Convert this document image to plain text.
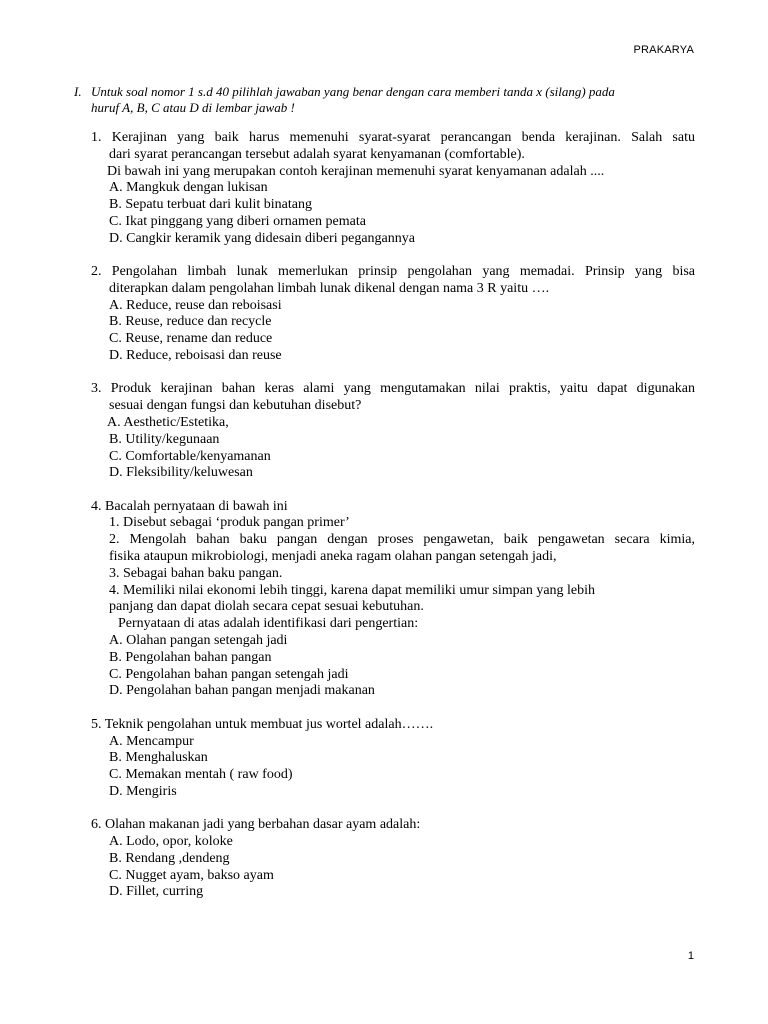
PRAKARYA
I. Untuk soal nomor 1 s.d 40 pilihlah jawaban yang benar dengan cara memberi tanda x (silang) pada
huruf A, B, C atau D di lembar jawab !
1. Kerajinan yang baik harus memenuhi syarat-syarat perancangan benda kerajinan. Salah satu
dari syarat perancangan tersebut adalah syarat kenyamanan (comfortable).
Di bawah ini yang merupakan contoh kerajinan memenuhi syarat kenyamanan adalah ....
A. Mangkuk dengan lukisan
B. Sepatu terbuat dari kulit binatang
C. Ikat pinggang yang diberi ornamen pemata
D. Cangkir keramik yang didesain diberi pegangannya
2. Pengolahan limbah lunak memerlukan prinsip pengolahan yang memadai. Prinsip yang bisa
diterapkan dalam pengolahan limbah lunak dikenal dengan nama 3 R yaitu ….
A. Reduce, reuse dan reboisasi
B. Reuse, reduce dan recycle
C. Reuse, rename dan reduce
D. Reduce, reboisasi dan reuse
3. Produk kerajinan bahan keras alami yang mengutamakan nilai praktis, yaitu dapat digunakan
sesuai dengan fungsi dan kebutuhan disebut?
A. Aesthetic/Estetika,
B. Utility/kegunaan
C. Comfortable/kenyamanan
D. Fleksibility/keluwesan
4. Bacalah pernyataan di bawah ini
1. Disebut sebagai ‘produk pangan primer’
2. Mengolah bahan baku pangan dengan proses pengawetan, baik pengawetan secara kimia,
fisika ataupun mikrobiologi, menjadi aneka ragam olahan pangan setengah jadi,
3. Sebagai bahan baku pangan.
4. Memiliki nilai ekonomi lebih tinggi, karena dapat memiliki umur simpan yang lebih
panjang dan dapat diolah secara cepat sesuai kebutuhan.
Pernyataan di atas adalah identifikasi dari pengertian:
A. Olahan pangan setengah jadi
B. Pengolahan bahan pangan
C. Pengolahan bahan pangan setengah jadi
D. Pengolahan bahan pangan menjadi makanan
5. Teknik pengolahan untuk membuat jus wortel adalah…….
A. Mencampur
B. Menghaluskan
C. Memakan mentah ( raw food)
D. Mengiris
6. Olahan makanan jadi yang berbahan dasar ayam adalah:
A. Lodo, opor, koloke
B. Rendang ,dendeng
C. Nugget ayam, bakso ayam
D. Fillet, curring
1
